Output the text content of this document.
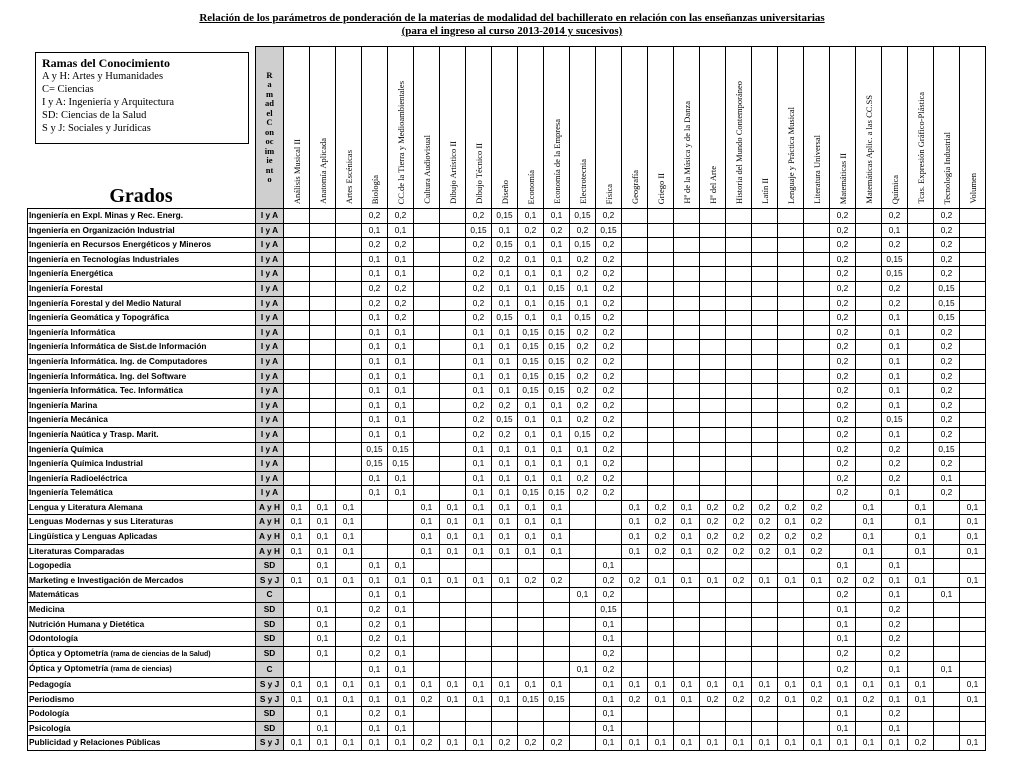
Relación de los parámetros de ponderación de la materias de modalidad del bachillerato en relación con las enseñanzas universitarias
(para el ingreso al curso 2013-2014 y sucesivos)

	RamadelConocimiento	Análisis Musical II	Anatomía Aplicada	Artes Escénicas	Biología	CC.de la Tierra y Medioambientales	Cultura Audiovisual	Dibujo Artístico II	Dibujo Técnico II	Diseño	Economía	Economía de la Empresa	Electrotecnia	Física	Geografía	Griego II	Hª de la Música y de la Danza	Hª del Arte	Historia del Mundo Contemporáneo	Latín II	Lenguaje y Práctica Musical	Literatura Universal	Matemáticas II	Matemáticas Aplic. a las CC.SS	Química	Tcas. Expresión Gráfico-Plástica	Tecnología Industrial	Volumen
Ingeniería en Expl. Minas y Rec. Energ.	I y A				0,2	0,2			0,2	0,15	0,1	0,1	0,15	0,2									0,2		0,2		0,2	
Ingeniería en Organización Industrial	I y A				0,1	0,1			0,15	0,1	0,2	0,2	0,2	0,15									0,2		0,1		0,2	
Ingeniería en Recursos Energéticos y Mineros	I y A				0,2	0,2			0,2	0,15	0,1	0,1	0,15	0,2									0,2		0,2		0,2	
Ingeniería en Tecnologías Industriales	I y A				0,1	0,1			0,2	0,2	0,1	0,1	0,2	0,2									0,2		0,15		0,2	
Ingeniería Energética	I y A				0,1	0,1			0,2	0,1	0,1	0,1	0,2	0,2									0,2		0,15		0,2	
Ingeniería Forestal	I y A				0,2	0,2			0,2	0,1	0,1	0,15	0,1	0,2									0,2		0,2		0,15	
Ingeniería Forestal y del Medio Natural	I y A				0,2	0,2			0,2	0,1	0,1	0,15	0,1	0,2									0,2		0,2		0,15	
Ingeniería Geomática y Topográfica	I y A				0,1	0,2			0,2	0,15	0,1	0,1	0,15	0,2									0,2		0,1		0,15	
Ingeniería Informática	I y A				0,1	0,1			0,1	0,1	0,15	0,15	0,2	0,2									0,2		0,1		0,2	
Ingeniería Informática de Sist.de Información	I y A				0,1	0,1			0,1	0,1	0,15	0,15	0,2	0,2									0,2		0,1		0,2	
Ingeniería Informática. Ing. de Computadores	I y A				0,1	0,1			0,1	0,1	0,15	0,15	0,2	0,2									0,2		0,1		0,2	
Ingeniería Informática. Ing. del Software	I y A				0,1	0,1			0,1	0,1	0,15	0,15	0,2	0,2									0,2		0,1		0,2	
Ingeniería Informática. Tec. Informática	I y A				0,1	0,1			0,1	0,1	0,15	0,15	0,2	0,2									0,2		0,1		0,2	
Ingeniería Marina	I y A				0,1	0,1			0,2	0,2	0,1	0,1	0,2	0,2									0,2		0,1		0,2	
Ingeniería Mecánica	I y A				0,1	0,1			0,2	0,15	0,1	0,1	0,2	0,2									0,2		0,15		0,2	
Ingeniería Naútica y Trasp. Marit.	I y A				0,1	0,1			0,2	0,2	0,1	0,1	0,15	0,2									0,2		0,1		0,2	
Ingeniería Química	I y A				0,15	0,15			0,1	0,1	0,1	0,1	0,1	0,2									0,2		0,2		0,15	
Ingeniería Química Industrial	I y A				0,15	0,15			0,1	0,1	0,1	0,1	0,1	0,2									0,2		0,2		0,2	
Ingeniería Radioeléctrica	I y A				0,1	0,1			0,1	0,1	0,1	0,1	0,2	0,2									0,2		0,2		0,1	
Ingeniería Telemática	I y A				0,1	0,1			0,1	0,1	0,15	0,15	0,2	0,2									0,2		0,1		0,2	
Lengua y Literatura Alemana	A y H	0,1	0,1	0,1			0,1	0,1	0,1	0,1	0,1	0,1			0,1	0,2	0,1	0,2	0,2	0,2	0,2	0,2		0,1		0,1		0,1
Lenguas Modernas y sus Literaturas	A y H	0,1	0,1	0,1			0,1	0,1	0,1	0,1	0,1	0,1			0,1	0,2	0,1	0,2	0,2	0,2	0,1	0,2		0,1		0,1		0,1
Lingüística y Lenguas Aplicadas	A y H	0,1	0,1	0,1			0,1	0,1	0,1	0,1	0,1	0,1			0,1	0,2	0,1	0,2	0,2	0,2	0,2	0,2		0,1		0,1		0,1
Literaturas Comparadas	A y H	0,1	0,1	0,1			0,1	0,1	0,1	0,1	0,1	0,1			0,1	0,2	0,1	0,2	0,2	0,2	0,1	0,2		0,1		0,1		0,1
Logopedia	SD		0,1		0,1	0,1								0,1									0,1		0,1			
Marketing e Investigación de Mercados	S y J	0,1	0,1	0,1	0,1	0,1	0,1	0,1	0,1	0,1	0,2	0,2		0,2	0,2	0,1	0,1	0,1	0,2	0,1	0,1	0,1	0,2	0,2	0,1	0,1		0,1
Matemáticas	C				0,1	0,1							0,1	0,2									0,2		0,1		0,1	
Medicina	SD		0,1		0,2	0,1								0,15									0,1		0,2			
Nutrición Humana y Dietética	SD		0,1		0,2	0,1								0,1									0,1		0,2			
Odontología	SD		0,1		0,2	0,1								0,1									0,1		0,2			
Óptica y Optometría (rama de ciencias de la Salud)	SD		0,1		0,2	0,1								0,2									0,2		0,2			
Óptica y Optometría (rama de ciencias)	C				0,1	0,1							0,1	0,2									0,2		0,1		0,1	
Pedagogía	S y J	0,1	0,1	0,1	0,1	0,1	0,1	0,1	0,1	0,1	0,1	0,1		0,1	0,1	0,1	0,1	0,1	0,1	0,1	0,1	0,1	0,1	0,1	0,1	0,1		0,1
Periodismo	S y J	0,1	0,1	0,1	0,1	0,1	0,2	0,1	0,1	0,1	0,15	0,15		0,1	0,2	0,1	0,1	0,2	0,2	0,2	0,1	0,2	0,1	0,2	0,1	0,1		0,1
Podología	SD		0,1		0,2	0,1								0,1									0,1		0,2			
Psicología	SD		0,1		0,1	0,1								0,1									0,1		0,1			
Publicidad y Relaciones Públicas	S y J	0,1	0,1	0,1	0,1	0,1	0,2	0,1	0,1	0,2	0,2	0,2		0,1	0,1	0,1	0,1	0,1	0,1	0,1	0,1	0,1	0,1	0,1	0,1	0,2		0,1
Ramas del Conocimiento
A y H: Artes y Humanidades
C= Ciencias
I y A: Ingeniería y Arquitectura
SD: Ciencias de la Salud
S y J: Sociales y Jurídicas
Grados
